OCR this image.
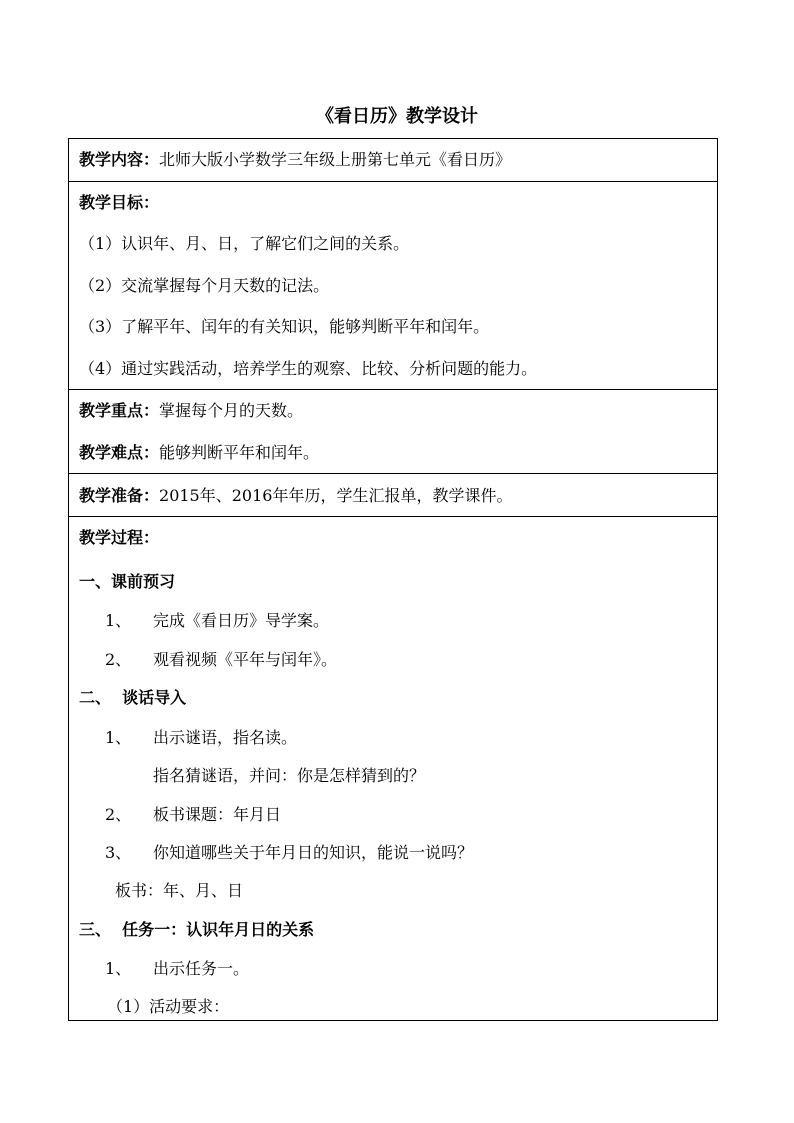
《看日历》教学设计
教学内容：北师大版小学数学三年级上册第七单元《看日历》
教学目标：
（1）认识年、月、日，了解它们之间的关系。
（2）交流掌握每个月天数的记法。
（3）了解平年、闰年的有关知识，能够判断平年和闰年。
（4）通过实践活动，培养学生的观察、比较、分析问题的能力。
教学重点：掌握每个月的天数。
教学难点：能够判断平年和闰年。
教学准备：2015年、2016年年历，学生汇报单，教学课件。
教学过程：
一、课前预习
1、 完成《看日历》导学案。
2、 观看视频《平年与闰年》。
二、  谈话导入
1、 出示谜语，指名读。
指名猜谜语，并问：你是怎样猜到的？
2、 板书课题：年月日
3、 你知道哪些关于年月日的知识，能说一说吗？
板书：年、月、日
三、  任务一：认识年月日的关系
1、 出示任务一。
（1）活动要求：
